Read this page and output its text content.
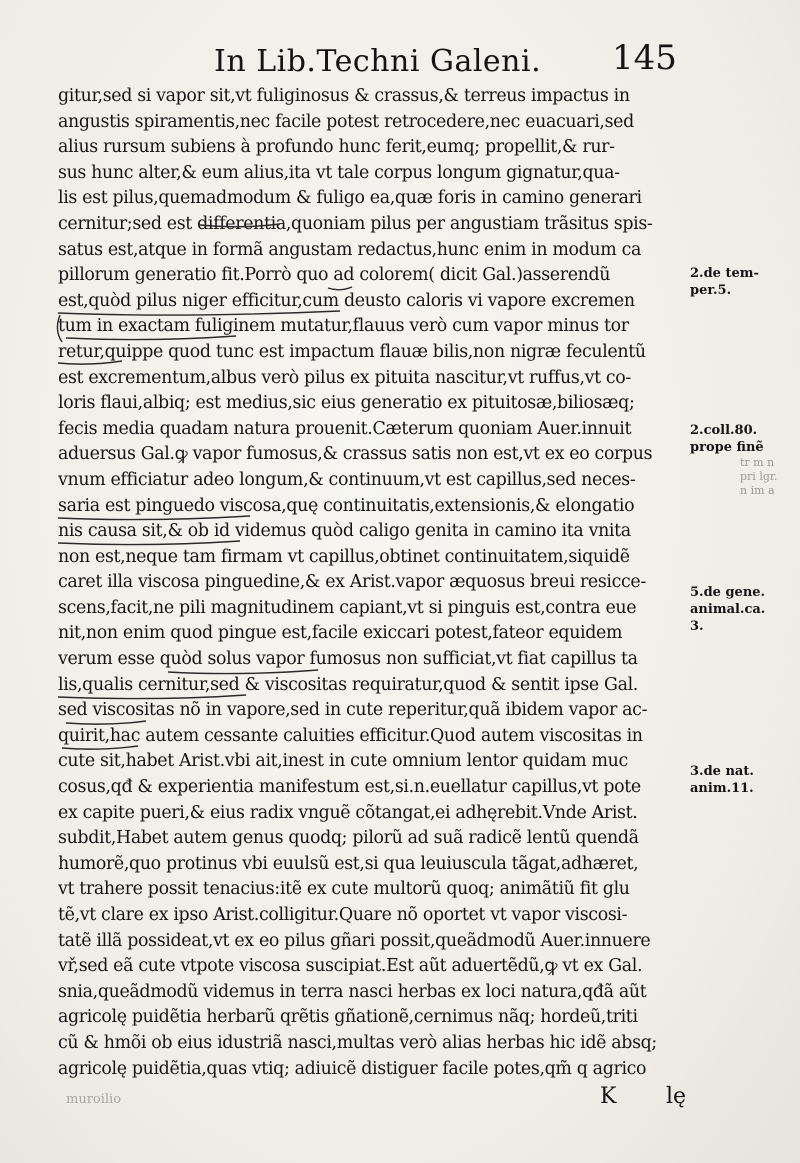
In Lib.Techni Galeni. 145
gitur,sed si vapor sit,vt fuliginosus & crassus,& terreus impactus in
angustis spiramentis,nec facile potest retrocedere,nec euacuari,sed
alius rursum subiens à profundo hunc ferit,eumq; propellit,& rur-
sus hunc alter,& eum alius,ita vt tale corpus longum gignatur,qua-
lis est pilus,quemadmodum & fuligo ea,quæ foris in camino generari
cernitur;sed est differentia,quoniam pilus per angustiam trãsitus spis-
satus est,atque in formã angustam redactus,hunc enim in modum ca
pillorum generatio fit.Porrò quo ad colorem( dicit Gal.)asserendũ
est,quòd pilus niger efficitur,cum deusto caloris vi vapore excremen
tum in exactam fuliginem mutatur,flauus verò cum vapor minus tor
retur,quippe quod tunc est impactum flauæ bilis,non nigræ feculentũ
est excrementum,albus verò pilus ex pituita nascitur,vt ruffus,vt co-
loris flaui,albiq; est medius,sic eius generatio ex pituitosæ,biliosæq;
fecis media quadam natura prouenit.Cæterum quoniam Auer.innuit
aduersus Gal.ꝙ vapor fumosus,& crassus satis non est,vt ex eo corpus
vnum efficiatur adeo longum,& continuum,vt est capillus,sed neces-
saria est pinguedo viscosa,quę continuitatis,extensionis,& elongatio
nis causa sit,& ob id videmus quòd caligo genita in camino ita vnita
non est,neque tam firmam vt capillus,obtinet continuitatem,siquidẽ
caret illa viscosa pinguedine,& ex Arist.vapor æquosus breui resicce-
scens,facit,ne pili magnitudinem capiant,vt si pinguis est,contra eue
nit,non enim quod pingue est,facile exiccari potest,fateor equidem
verum esse quòd solus vapor fumosus non sufficiat,vt fiat capillus ta
lis,qualis cernitur,sed & viscositas requiratur,quod & sentit ipse Gal.
sed viscositas nõ in vapore,sed in cute reperitur,quã ibidem vapor ac-
quirit,hac autem cessante caluities efficitur.Quod autem viscositas in
cute sit,habet Arist.vbi ait,inest in cute omnium lentor quidam muc
cosus,qđ & experientia manifestum est,si.n.euellatur capillus,vt pote
ex capite pueri,& eius radix vnguẽ cõtangat,ei adhęrebit.Vnde Arist.
subdit,Habet autem genus quodq; pilorũ ad suã radicẽ lentũ quendã
humorẽ,quo protinus vbi euulsũ est,si qua leuiuscula tãgat,adhæret,
vt trahere possit tenacius:itẽ ex cute multorũ quoq; animãtiũ fit glu
tẽ,vt clare ex ipso Arist.colligitur.Quare nõ oportet vt vapor viscosi-
tatẽ illã possideat,vt ex eo pilus gñari possit,queãdmodũ Auer.innuere
vř,sed eã cute vtpote viscosa suscipiat.Est aũt aduertẽdũ,ꝙ vt ex Gal.
snia,queãdmodũ videmus in terra nasci herbas ex loci natura,qđã aũt
agricolę puidẽtia herbarũ qrẽtis gñationẽ,cernimus nãq; hordeũ,triti
cũ & hmõi ob eius idustriã nasci,multas verò alias herbas hic idẽ absq;
agricolę puidẽtia,quas vtiq; adiuicẽ distiguer facile potes,qm̃ q agrico
2.de tem-
per.5.
2.coll.80.
prope finẽ
5.de gene.
animal.ca.
3.
3.de nat.
anim.11.
tr m n
pri lgr.
n im a
muroilio	K lę
